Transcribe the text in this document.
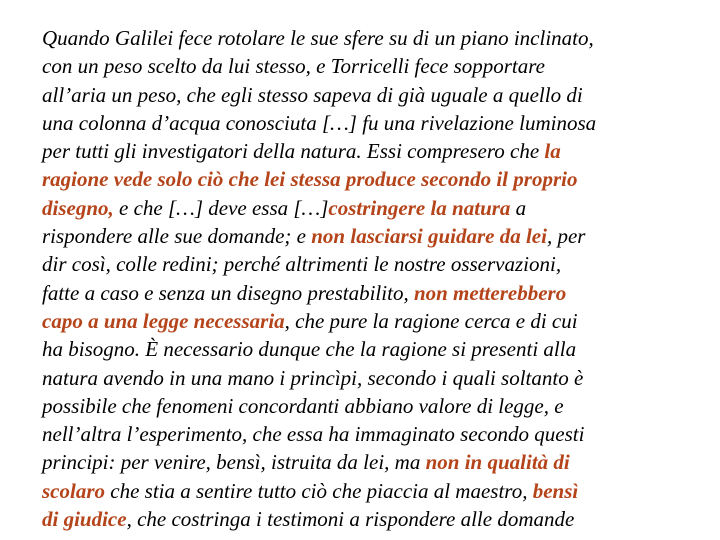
Quando Galilei fece rotolare le sue sfere su di un piano inclinato,
con un peso scelto da lui stesso, e Torricelli fece sopportare
all’aria un peso, che egli stesso sapeva di già uguale a quello di
una colonna d’acqua conosciuta […] fu una rivelazione luminosa
per tutti gli investigatori della natura. Essi compresero che la
ragione vede solo ciò che lei stessa produce secondo il proprio
disegno, e che […] deve essa […]costringere la natura a
rispondere alle sue domande; e non lasciarsi guidare da lei, per
dir così, colle redini; perché altrimenti le nostre osservazioni,
fatte a caso e senza un disegno prestabilito, non metterebbero
capo a una legge necessaria, che pure la ragione cerca e di cui
ha bisogno. È necessario dunque che la ragione si presenti alla
natura avendo in una mano i princìpi, secondo i quali soltanto è
possibile che fenomeni concordanti abbiano valore di legge, e
nell’altra l’esperimento, che essa ha immaginato secondo questi
principi: per venire, bensì, istruita da lei, ma non in qualità di
scolaro che stia a sentire tutto ciò che piaccia al maestro, bensì
di giudice, che costringa i testimoni a rispondere alle domande
